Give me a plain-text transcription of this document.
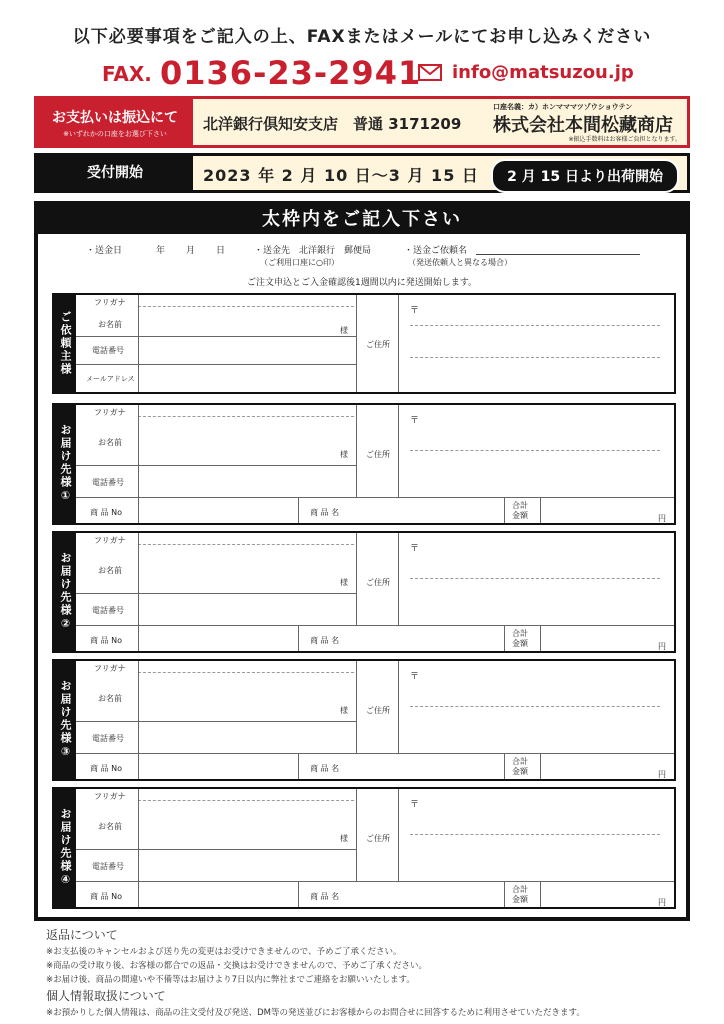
以下必要事項をご記入の上、FAXまたはメールにてお申し込みください
FAX. 0136-23-2941 info@matsuzou.jp
お支払いは振込にて
※いずれかの口座をお選び下さい
北洋銀行倶知安支店　普通 3171209
口座名義：カ）ホンマママツゾウショウテン
株式会社本間松藏商店
※振込手数料はお客様ご負担となります。
受付開始	2023 年 2 月 10 日〜3 月 15 日	2 月 15 日より出荷開始
太枠内をご記入下さい
・送金日	年 月 日	・送金先　北洋銀行　郵便局
（ご利用口座に○印）
・送金ご依頼名
（発送依頼人と異なる場合）
ご注文申込とご入金確認後1週間以内に発送開始します。
ご依頼主様
フリガナ
お名前
様
電話番号
メールアドレス
ご住所
〒
お届け先様①
フリガナ
お名前
様
電話番号
ご住所
〒
商 品 No	商 品 名
合計
金額	円
お届け先様②
フリガナ
お名前
様
電話番号
ご住所
〒
商 品 No	商 品 名
合計
金額	円
お届け先様③
フリガナ
お名前
様
電話番号
ご住所
〒
商 品 No	商 品 名
合計
金額	円
お届け先様④
フリガナ
お名前
様
電話番号
ご住所
〒
商 品 No	商 品 名
合計
金額	円
返品について
※お支払後のキャンセルおよび送り先の変更はお受けできませんので、予めご了承ください。
※商品の受け取り後、お客様の都合での返品・交換はお受けできませんので、予めご了承ください。
※お届け後、商品の間違いや不備等はお届けより7日以内に弊社までご連絡をお願いいたします。
個人情報取扱について
※お預かりした個人情報は、商品の注文受付及び発送、DM等の発送並びにお客様からのお問合せに回答するために利用させていただきます。
